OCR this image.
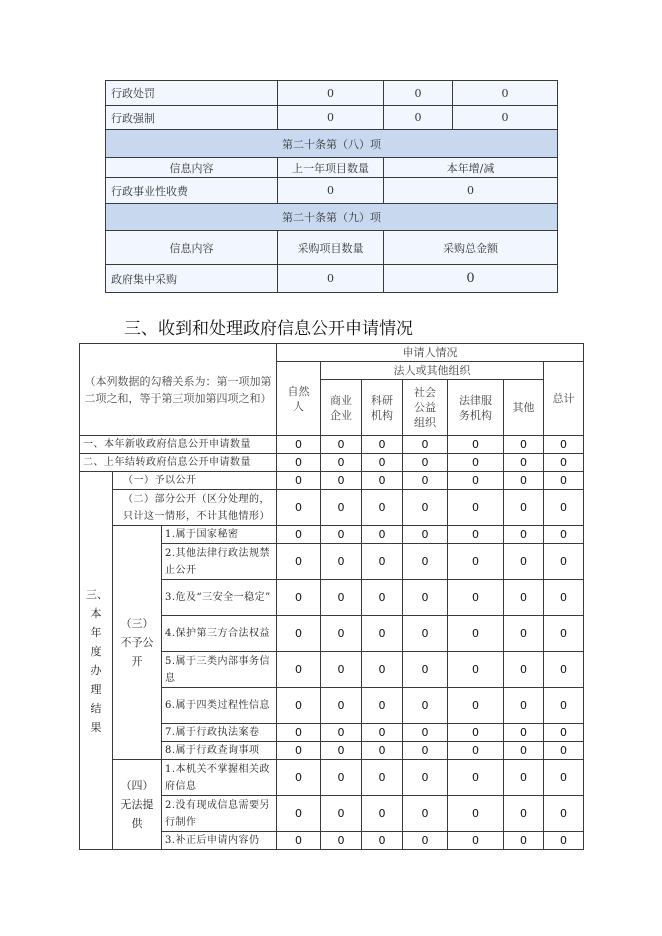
行政处罚	0	0	0
行政强制	0	0	0
第二十条第（八）项			
信息内容	上一年项目数量	本年增/减	
行政事业性收费	0	0	
第二十条第（九）项			
信息内容	采购项目数量	采购总金额	
政府集中采购	0	0	
三、收到和处理政府信息公开申请情况
（本列数据的勾稽关系为：第一项加第二项之和，等于第三项加第四项之和）			申请人情况						
			自然人	法人或其他组织					总计
				商业企业	科研机构	社会公益组织	法律服务机构	其他	
一、本年新收政府信息公开申请数量			0	0	0	0	0	0	0
二、上年结转政府信息公开申请数量			0	0	0	0	0	0	0
三、本年度办理结果	（一）予以公开		0	0	0	0	0	0	0
	（二）部分公开（区分处理的，只计这一情形，不计其他情形）		0	0	0	0	0	0	0
	（三）不予公开	1.属于国家秘密	0	0	0	0	0	0	0
		2.其他法律行政法规禁止公开	0	0	0	0	0	0	0
		3.危及“三安全一稳定”	0	0	0	0	0	0	0
		4.保护第三方合法权益	0	0	0	0	0	0	0
		5.属于三类内部事务信息	0	0	0	0	0	0	0
		6.属于四类过程性信息	0	0	0	0	0	0	0
		7.属于行政执法案卷	0	0	0	0	0	0	0
		8.属于行政查询事项	0	0	0	0	0	0	0
	（四）无法提供	1.本机关不掌握相关政府信息	0	0	0	0	0	0	0
		2.没有现成信息需要另行制作	0	0	0	0	0	0	0
		3.补正后申请内容仍	0	0	0	0	0	0	0
